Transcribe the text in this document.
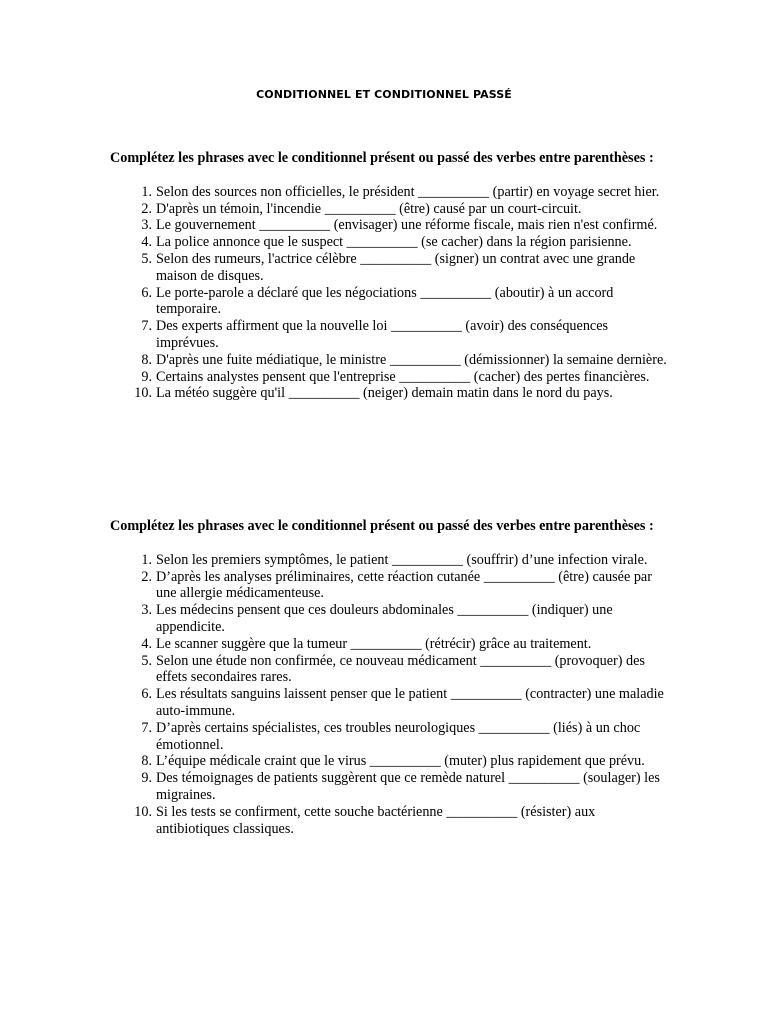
CONDITIONNEL ET CONDITIONNEL PASSÉ

Complétez les phrases avec le conditionnel présent ou passé des verbes entre parenthèses :

1. Selon des sources non officielles, le président __________ (partir) en voyage secret hier.
2. D'après un témoin, l'incendie __________ (être) causé par un court-circuit.
3. Le gouvernement __________ (envisager) une réforme fiscale, mais rien n'est confirmé.
4. La police annonce que le suspect __________ (se cacher) dans la région parisienne.
5. Selon des rumeurs, l'actrice célèbre __________ (signer) un contrat avec une grande maison de disques.
6. Le porte-parole a déclaré que les négociations __________ (aboutir) à un accord temporaire.
7. Des experts affirment que la nouvelle loi __________ (avoir) des conséquences imprévues.
8. D'après une fuite médiatique, le ministre __________ (démissionner) la semaine dernière.
9. Certains analystes pensent que l'entreprise __________ (cacher) des pertes financières.
10. La météo suggère qu'il __________ (neiger) demain matin dans le nord du pays.

Complétez les phrases avec le conditionnel présent ou passé des verbes entre parenthèses :

1. Selon les premiers symptômes, le patient __________ (souffrir) d’une infection virale.
2. D’après les analyses préliminaires, cette réaction cutanée __________ (être) causée par une allergie médicamenteuse.
3. Les médecins pensent que ces douleurs abdominales __________ (indiquer) une appendicite.
4. Le scanner suggère que la tumeur __________ (rétrécir) grâce au traitement.
5. Selon une étude non confirmée, ce nouveau médicament __________ (provoquer) des effets secondaires rares.
6. Les résultats sanguins laissent penser que le patient __________ (contracter) une maladie auto-immune.
7. D’après certains spécialistes, ces troubles neurologiques __________ (liés) à un choc émotionnel.
8. L’équipe médicale craint que le virus __________ (muter) plus rapidement que prévu.
9. Des témoignages de patients suggèrent que ce remède naturel __________ (soulager) les migraines.
10. Si les tests se confirment, cette souche bactérienne __________ (résister) aux antibiotiques classiques.
